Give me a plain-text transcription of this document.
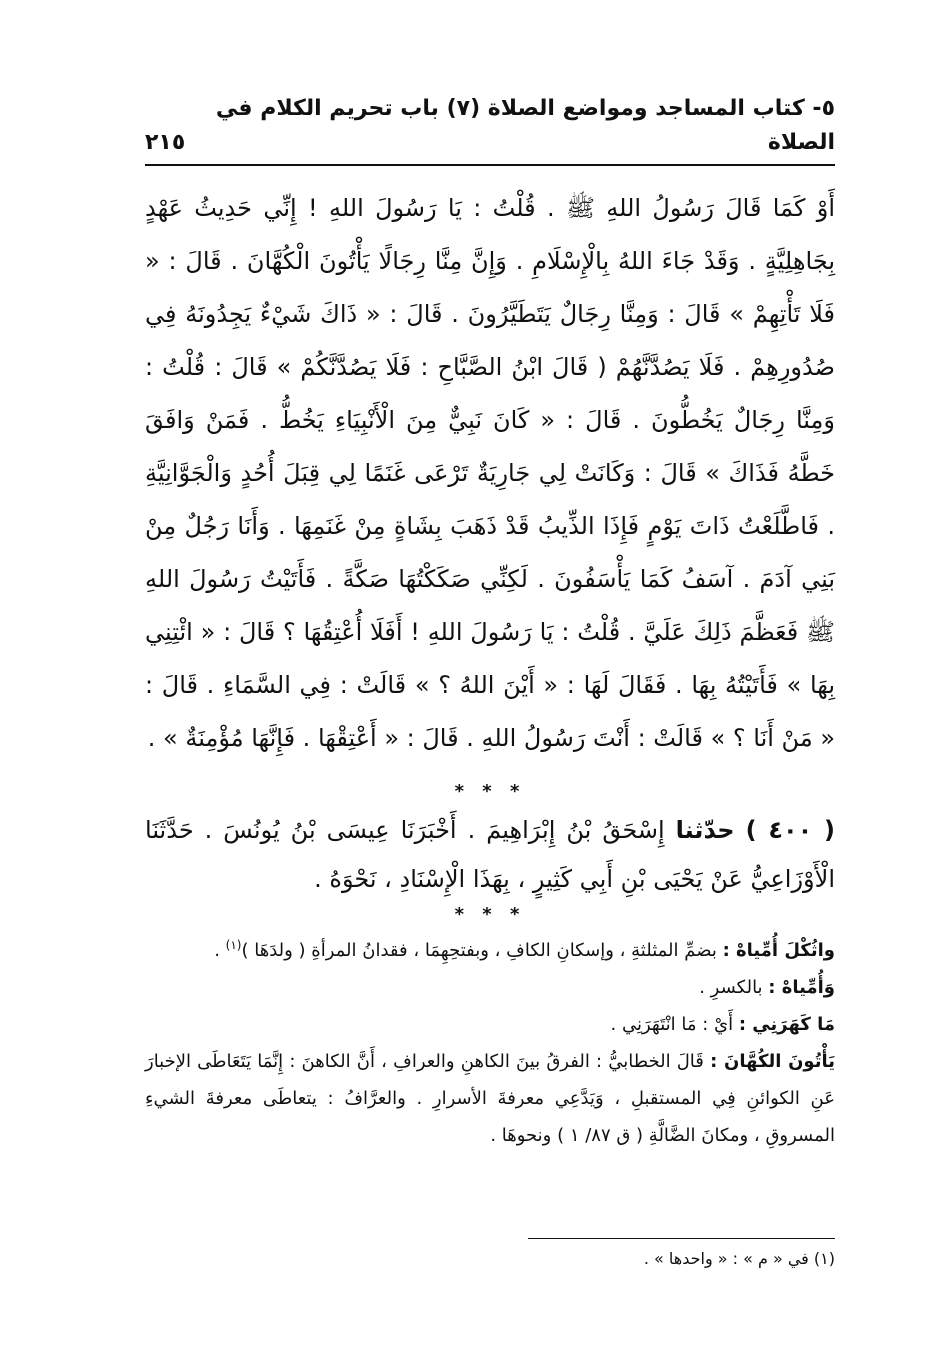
٥- كتاب المساجد ومواضع الصلاة (٧) باب تحريم الكلام في الصلاة
٢١٥
أَوْ كَمَا قَالَ رَسُولُ اللهِ ﷺ . قُلْتُ : يَا رَسُولَ اللهِ ! إِنِّي حَدِيثُ عَهْدٍ بِجَاهِلِيَّةٍ . وَقَدْ جَاءَ اللهُ بِالْإِسْلَامِ . وَإِنَّ مِنَّا رِجَالًا يَأْتُونَ الْكُهَّانَ . قَالَ : « فَلَا تَأْتِهِمْ » قَالَ : وَمِنَّا رِجَالٌ يَتَطَيَّرُونَ . قَالَ : « ذَاكَ شَيْءٌ يَجِدُونَهُ فِي صُدُورِهِمْ . فَلَا يَصُدَّنَّهُمْ ( قَالَ ابْنُ الصَّبَّاحِ : فَلَا يَصُدَّنَّكُمْ » قَالَ : قُلْتُ : وَمِنَّا رِجَالٌ يَخُطُّونَ . قَالَ : « كَانَ نَبِيٌّ مِنَ الْأَنْبِيَاءِ يَخُطُّ . فَمَنْ وَافَقَ خَطَّهُ فَذَاكَ » قَالَ : وَكَانَتْ لِي جَارِيَةٌ تَرْعَى غَنَمًا لِي قِبَلَ أُحُدٍ وَالْجَوَّانِيَّةِ . فَاطَّلَعْتُ ذَاتَ يَوْمٍ فَإِذَا الذِّيبُ قَدْ ذَهَبَ بِشَاةٍ مِنْ غَنَمِهَا . وَأَنَا رَجُلٌ مِنْ بَنِي آدَمَ . آسَفُ كَمَا يَأْسَفُونَ . لَكِنِّي صَكَكْتُهَا صَكَّةً . فَأَتَيْتُ رَسُولَ اللهِ ﷺ فَعَظَّمَ ذَلِكَ عَلَيَّ . قُلْتُ : يَا رَسُولَ اللهِ ! أَفَلَا أُعْتِقُهَا ؟ قَالَ : « ائْتِنِي بِهَا » فَأَتَيْتُهُ بِهَا . فَقَالَ لَهَا : « أَيْنَ اللهُ ؟ » قَالَتْ : فِي السَّمَاءِ . قَالَ : « مَنْ أَنَا ؟ » قَالَتْ : أَنْتَ رَسُولُ اللهِ . قَالَ : « أَعْتِقْهَا . فَإِنَّهَا مُؤْمِنَةٌ » .
* * *
( ٤٠٠ ) حدّثنا إِسْحَقُ بْنُ إِبْرَاهِيمَ . أَخْبَرَنَا عِيسَى بْنُ يُونُسَ . حَدَّثَنَا الْأَوْزَاعِيُّ عَنْ يَحْيَى بْنِ أَبِي كَثِيرٍ ، بِهَذَا الْإِسْنَادِ ، نَحْوَهُ .
* * *

واثُكْلَ أُمِّياهْ : بضمِّ المثلثةِ ، وإسكانِ الكافِ ، وبفتحِهِمَا ، فقدانُ المرأةِ ( ولدَهَا )$^{(١)}$ .

وَأُمِّياهْ : بالكسرِ .

مَا كَهَرَنِي : أَيْ : مَا انْتَهَرَنِي .

يَأْتُونَ الكُهَّانَ : قَالَ الخطابيُّ : الفرقُ بينَ الكاهنِ والعرافِ ، أَنَّ الكاهنَ : إِنَّمَا يَتَعَاطَى الإخبارَ عَنِ الكوائنِ فِي المستقبلِ ، وَيَدَّعِي معرفةَ الأسرارِ . والعرَّافُ : يتعاطَى معرفةَ الشيءِ المسروقِ ، ومكانَ الضَّالَّةِ ( ق ٨٧/ ١ ) ونحوهَا .

(١) في « م » : « واحدها » .
